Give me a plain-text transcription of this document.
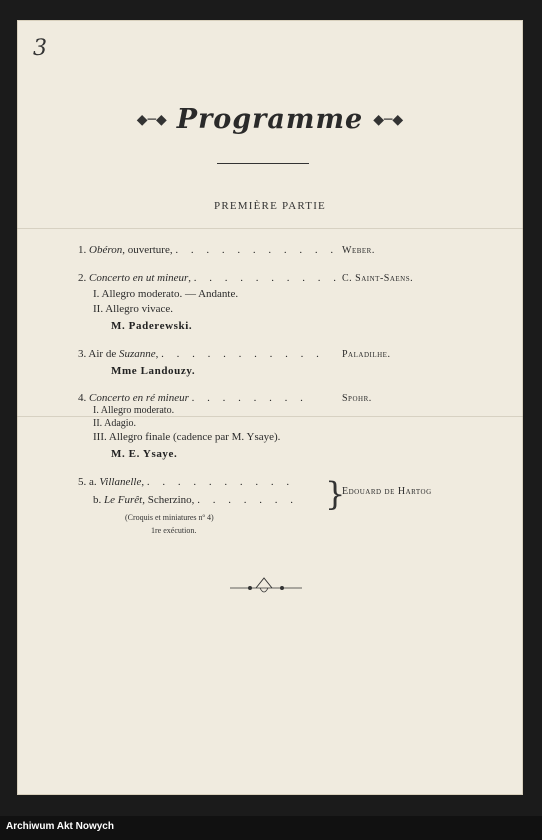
3
◆─◆ Programme ◆─◆
PREMIÈRE PARTIE
1. Obéron, ouverture, . . . . . . . . . . . Weber.
2. Concerto en ut mineur, . . . . . . . . . . C. Saint-Saens.
I. Allegro moderato. — Andante.
II. Allegro vivace.
M. Paderewski.
3. Air de Suzanne, . . . . . . . . . . . Paladilhe.
Mme Landouzy.
4. Concerto en ré mineur . . . . . . . .	Spohr.
I. Allegro moderato.
II. Adagio.
III. Allegro finale (cadence par M. Ysaye).
M. E. Ysaye.
5. a. Villanelle, . . . . . . . . . .
b. Le Furêt, Scherzino, . . . . . . .
(Croquis et miniatures nº 4)
1re exécution.
}
Edouard de Hartog
Archiwum Akt Nowych
